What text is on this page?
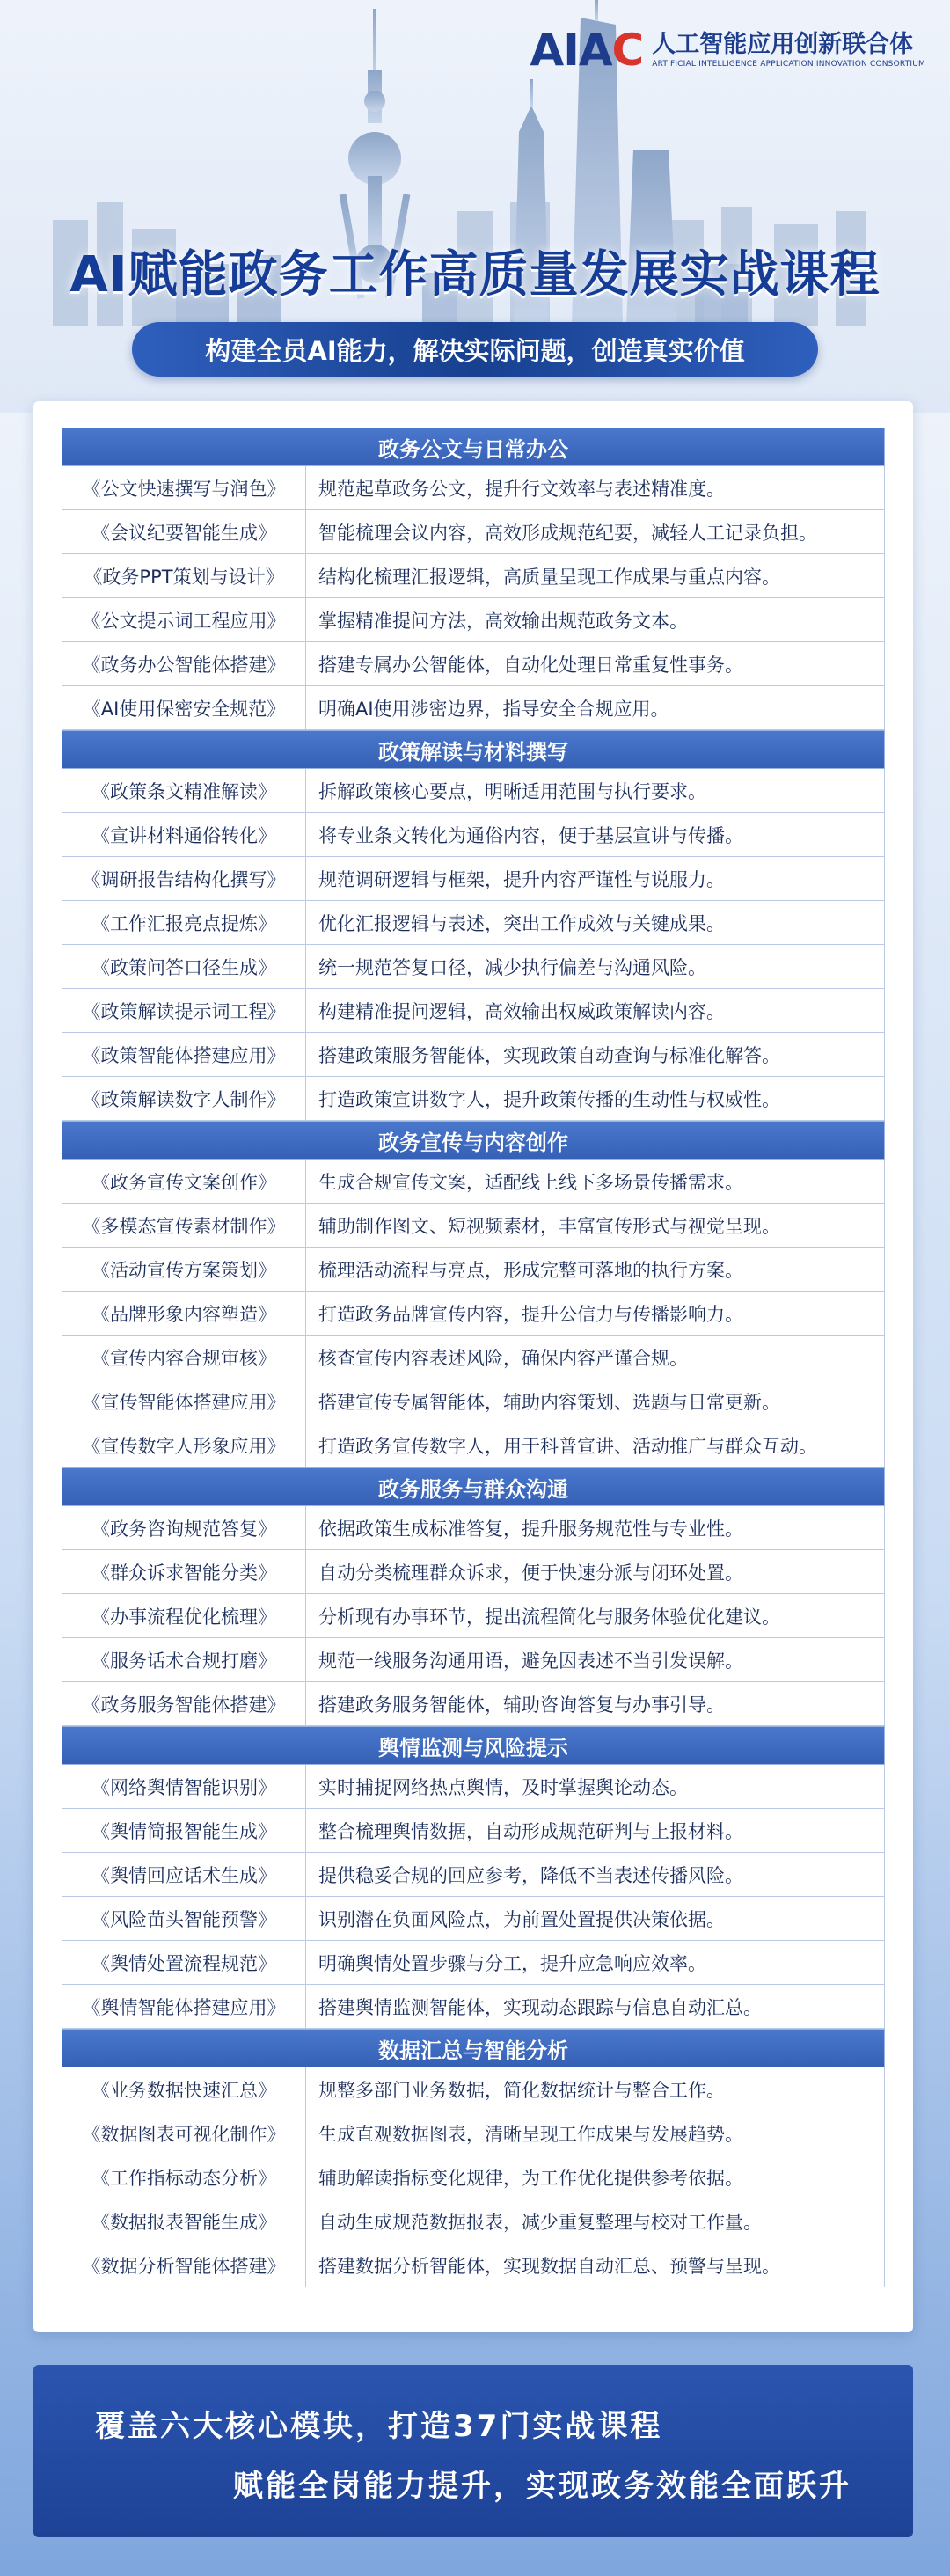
AIAC 人工智能应用创新联合体
ARTIFICIAL INTELLIGENCE APPLICATION INNOVATION CONSORTIUM
AI赋能政务工作高质量发展实战课程
构建全员AI能力，解决实际问题，创造真实价值
政务公文与日常办公
《公文快速撰写与润色》	规范起草政务公文，提升行文效率与表述精准度。
《会议纪要智能生成》	智能梳理会议内容，高效形成规范纪要，减轻人工记录负担。
《政务PPT策划与设计》	结构化梳理汇报逻辑，高质量呈现工作成果与重点内容。
《公文提示词工程应用》	掌握精准提问方法，高效输出规范政务文本。
《政务办公智能体搭建》	搭建专属办公智能体，自动化处理日常重复性事务。
《AI使用保密安全规范》	明确AI使用涉密边界，指导安全合规应用。
政策解读与材料撰写
《政策条文精准解读》	拆解政策核心要点，明晰适用范围与执行要求。
《宣讲材料通俗转化》	将专业条文转化为通俗内容，便于基层宣讲与传播。
《调研报告结构化撰写》	规范调研逻辑与框架，提升内容严谨性与说服力。
《工作汇报亮点提炼》	优化汇报逻辑与表述，突出工作成效与关键成果。
《政策问答口径生成》	统一规范答复口径，减少执行偏差与沟通风险。
《政策解读提示词工程》	构建精准提问逻辑，高效输出权威政策解读内容。
《政策智能体搭建应用》	搭建政策服务智能体，实现政策自动查询与标准化解答。
《政策解读数字人制作》	打造政策宣讲数字人，提升政策传播的生动性与权威性。
政务宣传与内容创作
《政务宣传文案创作》	生成合规宣传文案，适配线上线下多场景传播需求。
《多模态宣传素材制作》	辅助制作图文、短视频素材，丰富宣传形式与视觉呈现。
《活动宣传方案策划》	梳理活动流程与亮点，形成完整可落地的执行方案。
《品牌形象内容塑造》	打造政务品牌宣传内容，提升公信力与传播影响力。
《宣传内容合规审核》	核查宣传内容表述风险，确保内容严谨合规。
《宣传智能体搭建应用》	搭建宣传专属智能体，辅助内容策划、选题与日常更新。
《宣传数字人形象应用》	打造政务宣传数字人，用于科普宣讲、活动推广与群众互动。
政务服务与群众沟通
《政务咨询规范答复》	依据政策生成标准答复，提升服务规范性与专业性。
《群众诉求智能分类》	自动分类梳理群众诉求，便于快速分派与闭环处置。
《办事流程优化梳理》	分析现有办事环节，提出流程简化与服务体验优化建议。
《服务话术合规打磨》	规范一线服务沟通用语，避免因表述不当引发误解。
《政务服务智能体搭建》	搭建政务服务智能体，辅助咨询答复与办事引导。
舆情监测与风险提示
《网络舆情智能识别》	实时捕捉网络热点舆情，及时掌握舆论动态。
《舆情简报智能生成》	整合梳理舆情数据，自动形成规范研判与上报材料。
《舆情回应话术生成》	提供稳妥合规的回应参考，降低不当表述传播风险。
《风险苗头智能预警》	识别潜在负面风险点，为前置处置提供决策依据。
《舆情处置流程规范》	明确舆情处置步骤与分工，提升应急响应效率。
《舆情智能体搭建应用》	搭建舆情监测智能体，实现动态跟踪与信息自动汇总。
数据汇总与智能分析
《业务数据快速汇总》	规整多部门业务数据，简化数据统计与整合工作。
《数据图表可视化制作》	生成直观数据图表，清晰呈现工作成果与发展趋势。
《工作指标动态分析》	辅助解读指标变化规律，为工作优化提供参考依据。
《数据报表智能生成》	自动生成规范数据报表，减少重复整理与校对工作量。
《数据分析智能体搭建》	搭建数据分析智能体，实现数据自动汇总、预警与呈现。
覆盖六大核心模块，打造37门实战课程
赋能全岗能力提升，实现政务效能全面跃升
